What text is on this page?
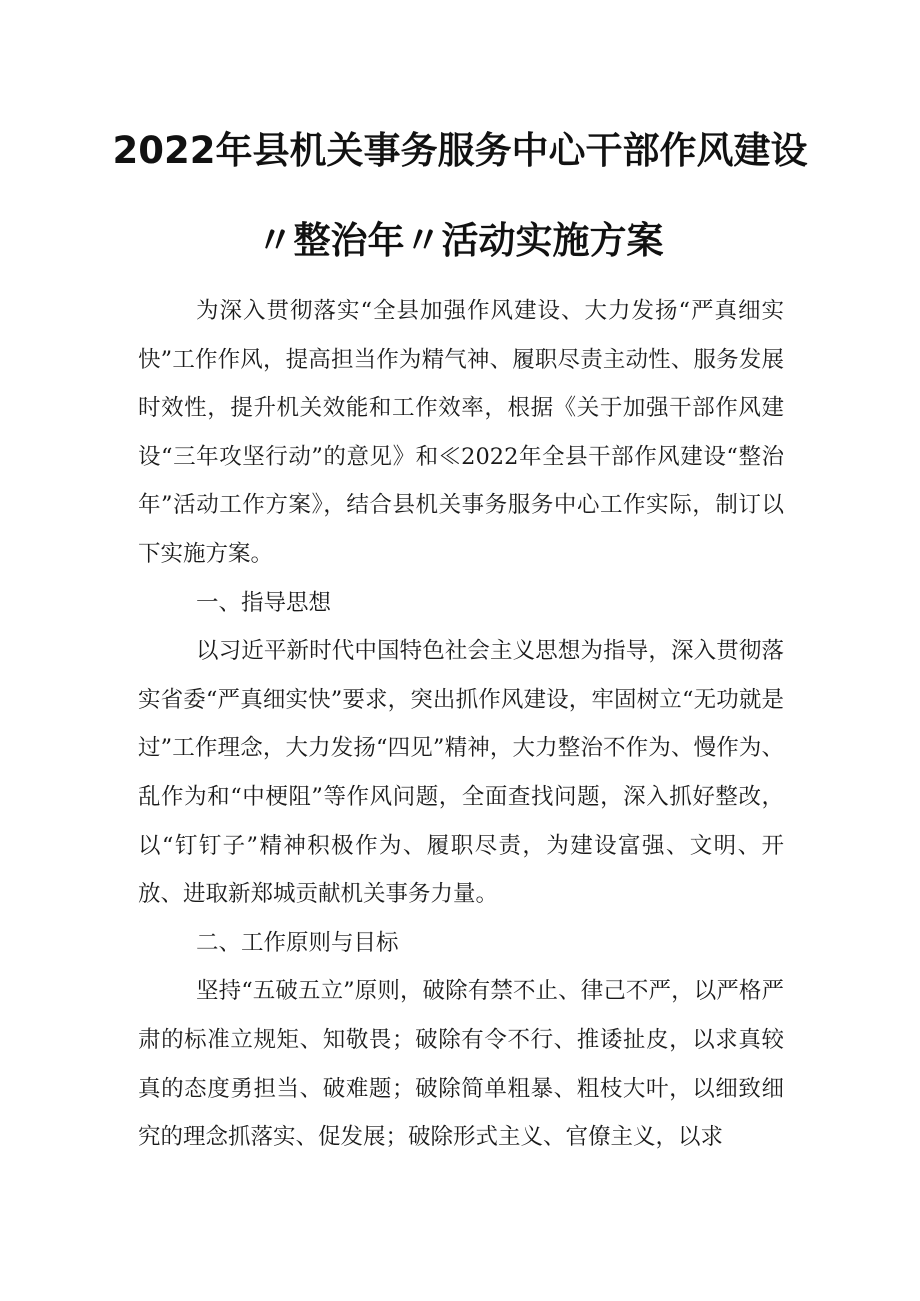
2022年县机关事务服务中心干部作风建设
〃整治年〃活动实施方案

为深入贯彻落实“全县加强作风建设、大力发扬“严真细实快”工作作风，提高担当作为精气神、履职尽责主动性、服务发展时效性，提升机关效能和工作效率，根据《关于加强干部作风建设“三年攻坚行动”的意见》和≪2022年全县干部作风建设“整治年”活动工作方案》，结合县机关事务服务中心工作实际，制订以下实施方案。

一、指导思想

以习近平新时代中国特色社会主义思想为指导，深入贯彻落实省委“严真细实快”要求，突出抓作风建设，牢固树立“无功就是过”工作理念，大力发扬“四见”精神，大力整治不作为、慢作为、乱作为和“中梗阻”等作风问题，全面查找问题，深入抓好整改，以“钉钉子”精神积极作为、履职尽责，为建设富强、文明、开放、进取新郑城贡献机关事务力量。

二、工作原则与目标

坚持“五破五立”原则，破除有禁不止、律己不严，以严格严肃的标准立规矩、知敬畏；破除有令不行、推诿扯皮，以求真较真的态度勇担当、破难题；破除简单粗暴、粗枝大叶，以细致细究的理念抓落实、促发展；破除形式主义、官僚主义，以求
